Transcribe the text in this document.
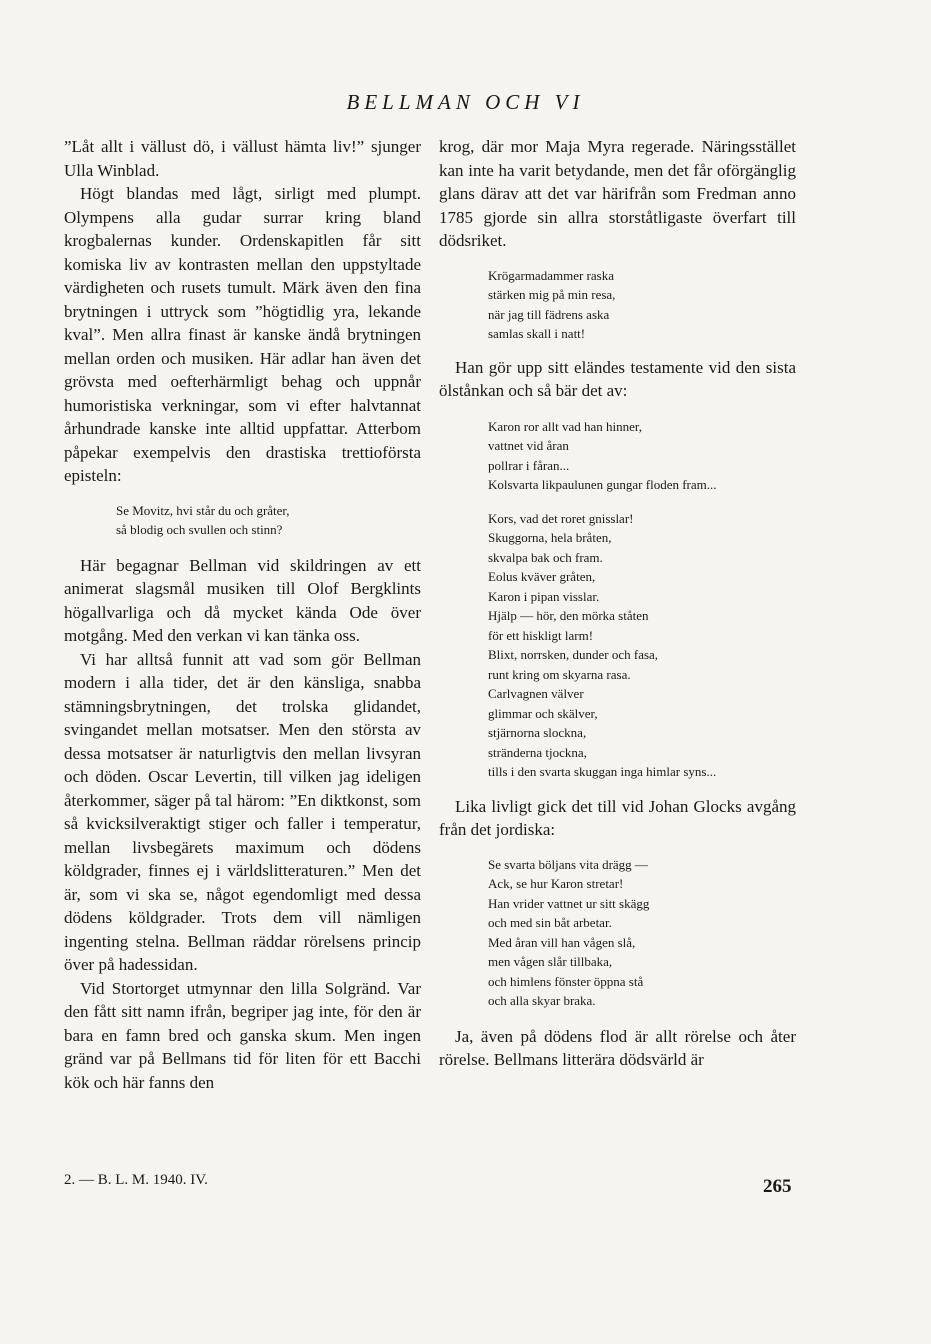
BELLMAN OCH VI

”Låt allt i vällust dö, i vällust hämta liv!” sjunger Ulla Winblad.

Högt blandas med lågt, sirligt med plumpt. Olympens alla gudar surrar kring bland krogbalernas kunder. Ordenskapitlen får sitt komiska liv av kontrasten mellan den uppstyltade värdigheten och rusets tumult. Märk även den fina brytningen i uttryck som ”högtidlig yra, lekande kval”. Men allra finast är kanske ändå brytningen mellan orden och musiken. Här adlar han även det grövsta med oefterhärmligt behag och uppnår humoristiska verkningar, som vi efter halvtannat århundrade kanske inte alltid uppfattar. Atterbom påpekar exempelvis den drastiska trettioförsta episteln:

Se Movitz, hvi står du och gråter,
så blodig och svullen och stinn?

Här begagnar Bellman vid skildringen av ett animerat slagsmål musiken till Olof Bergklints högallvarliga och då mycket kända Ode över motgång. Med den verkan vi kan tänka oss.

Vi har alltså funnit att vad som gör Bellman modern i alla tider, det är den känsliga, snabba stämningsbrytningen, det trolska glidandet, svingandet mellan motsatser. Men den största av dessa motsatser är naturligtvis den mellan livsyran och döden. Oscar Levertin, till vilken jag ideligen återkommer, säger på tal härom: ”En diktkonst, som så kvicksilveraktigt stiger och faller i temperatur, mellan livsbegärets maximum och dödens köldgrader, finnes ej i världslitteraturen.” Men det är, som vi ska se, något egendomligt med dessa dödens köldgrader. Trots dem vill nämligen ingenting stelna. Bellman räddar rörelsens princip över på hadessidan.

Vid Stortorget utmynnar den lilla Solgränd. Var den fått sitt namn ifrån, begriper jag inte, för den är bara en famn bred och ganska skum. Men ingen gränd var på Bellmans tid för liten för ett Bacchi kök och här fanns den

krog, där mor Maja Myra regerade. Näringsstället kan inte ha varit betydande, men det får oförgänglig glans därav att det var härifrån som Fredman anno 1785 gjorde sin allra storståtligaste överfart till dödsriket.

Krögarmadammer raska
stärken mig på min resa,
när jag till fädrens aska
samlas skall i natt!

Han gör upp sitt eländes testamente vid den sista ölstånkan och så bär det av:

Karon ror allt vad han hinner,
vattnet vid åran
pollrar i fåran...
Kolsvarta likpaulunen gungar floden fram...
Kors, vad det roret gnisslar!
Skuggorna, hela bråten,
skvalpa bak och fram.
Eolus kväver gråten,
Karon i pipan visslar.
Hjälp — hör, den mörka ståten
för ett hiskligt larm!
Blixt, norrsken, dunder och fasa,
runt kring om skyarna rasa.
Carlvagnen välver
glimmar och skälver,
stjärnorna slockna,
stränderna tjockna,
tills i den svarta skuggan inga himlar syns...

Lika livligt gick det till vid Johan Glocks avgång från det jordiska:

Se svarta böljans vita drägg —
Ack, se hur Karon stretar!
Han vrider vattnet ur sitt skägg
och med sin båt arbetar.
Med åran vill han vågen slå,
men vågen slår tillbaka,
och himlens fönster öppna stå
och alla skyar braka.

Ja, även på dödens flod är allt rörelse och åter rörelse. Bellmans litterära dödsvärld är

2. — B. L. M. 1940. IV.	265
